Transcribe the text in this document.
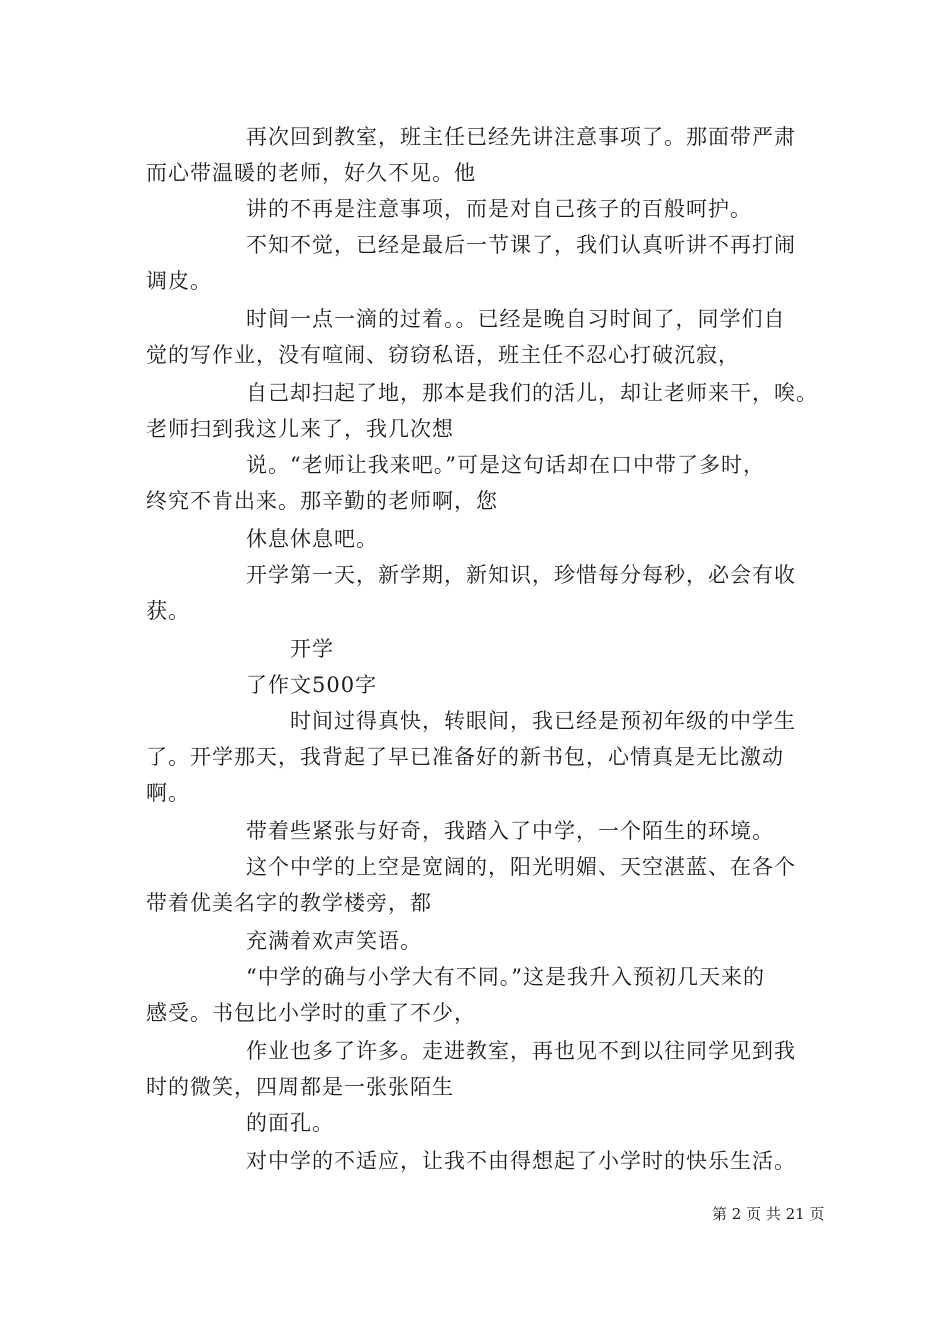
再次回到教室，班主任已经先讲注意事项了。那面带严肃
而心带温暖的老师，好久不见。他
讲的不再是注意事项，而是对自己孩子的百般呵护。
不知不觉，已经是最后一节课了，我们认真听讲不再打闹
调皮。
时间一点一滴的过着。。已经是晚自习时间了，同学们自
觉的写作业，没有喧闹、窃窃私语，班主任不忍心打破沉寂，
自己却扫起了地，那本是我们的活儿，却让老师来干，唉。
老师扫到我这儿来了，我几次想
说。“老师让我来吧。”可是这句话却在口中带了多时，
终究不肯出来。那辛勤的老师啊，您
休息休息吧。
开学第一天，新学期，新知识，珍惜每分每秒，必会有收
获。
开学
了作文500字
时间过得真快，转眼间，我已经是预初年级的中学生
了。开学那天，我背起了早已准备好的新书包，心情真是无比激动
啊。
带着些紧张与好奇，我踏入了中学，一个陌生的环境。
这个中学的上空是宽阔的，阳光明媚、天空湛蓝、在各个
带着优美名字的教学楼旁，都
充满着欢声笑语。
“中学的确与小学大有不同。”这是我升入预初几天来的
感受。书包比小学时的重了不少，
作业也多了许多。走进教室，再也见不到以往同学见到我
时的微笑，四周都是一张张陌生
的面孔。
对中学的不适应，让我不由得想起了小学时的快乐生活。
第 2 页 共 21 页
